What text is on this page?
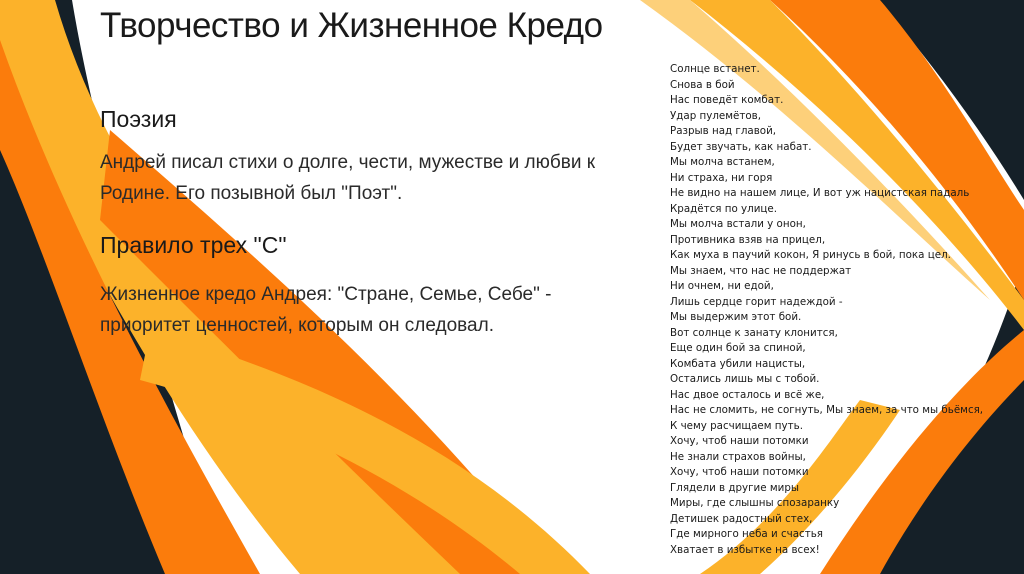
Творчество и Жизненное Кредо
Поэзия

Андрей писал стихи о долге, чести, мужестве и любви к Родине. Его позывной был "Поэт".

Правило трех "С"

Жизненное кредо Андрея: "Стране, Семье, Себе" - приоритет ценностей, которым он следовал.

Солнце встанет.
Снова в бой
Нас поведёт комбат.
Удар пулемётов,
Разрыв над главой,
Будет звучать, как набат.
Мы молча встанем,
Ни страха, ни горя
Не видно на нашем лице, И вот уж нацистская падаль
Крадётся по улице.
Мы молча встали у онон,
Противника взяв на прицел,
Как муха в паучий кокон, Я ринусь в бой, пока цел.
Мы знаем, что нас не поддержат
Ни очнем, ни едой,
Лишь сердце горит надеждой -
Мы выдержим этот бой.
Вот солнце к занату клонится,
Еще один бой за спиной,
Комбата убили нацисты,
Остались лишь мы с тобой.
Нас двое осталось и всё же,
Нас не сломить, не согнуть, Мы знаем, за что мы бьёмся,
К чему расчищаем путь.
Хочу, чтоб наши потомки
Не знали страхов войны,
Хочу, чтоб наши потомки
Глядели в другие миры
Миры, где слышны спозаранку
Детишек радостный стех,
Где мирного неба и счастья
Хватает в избытке на всех!
